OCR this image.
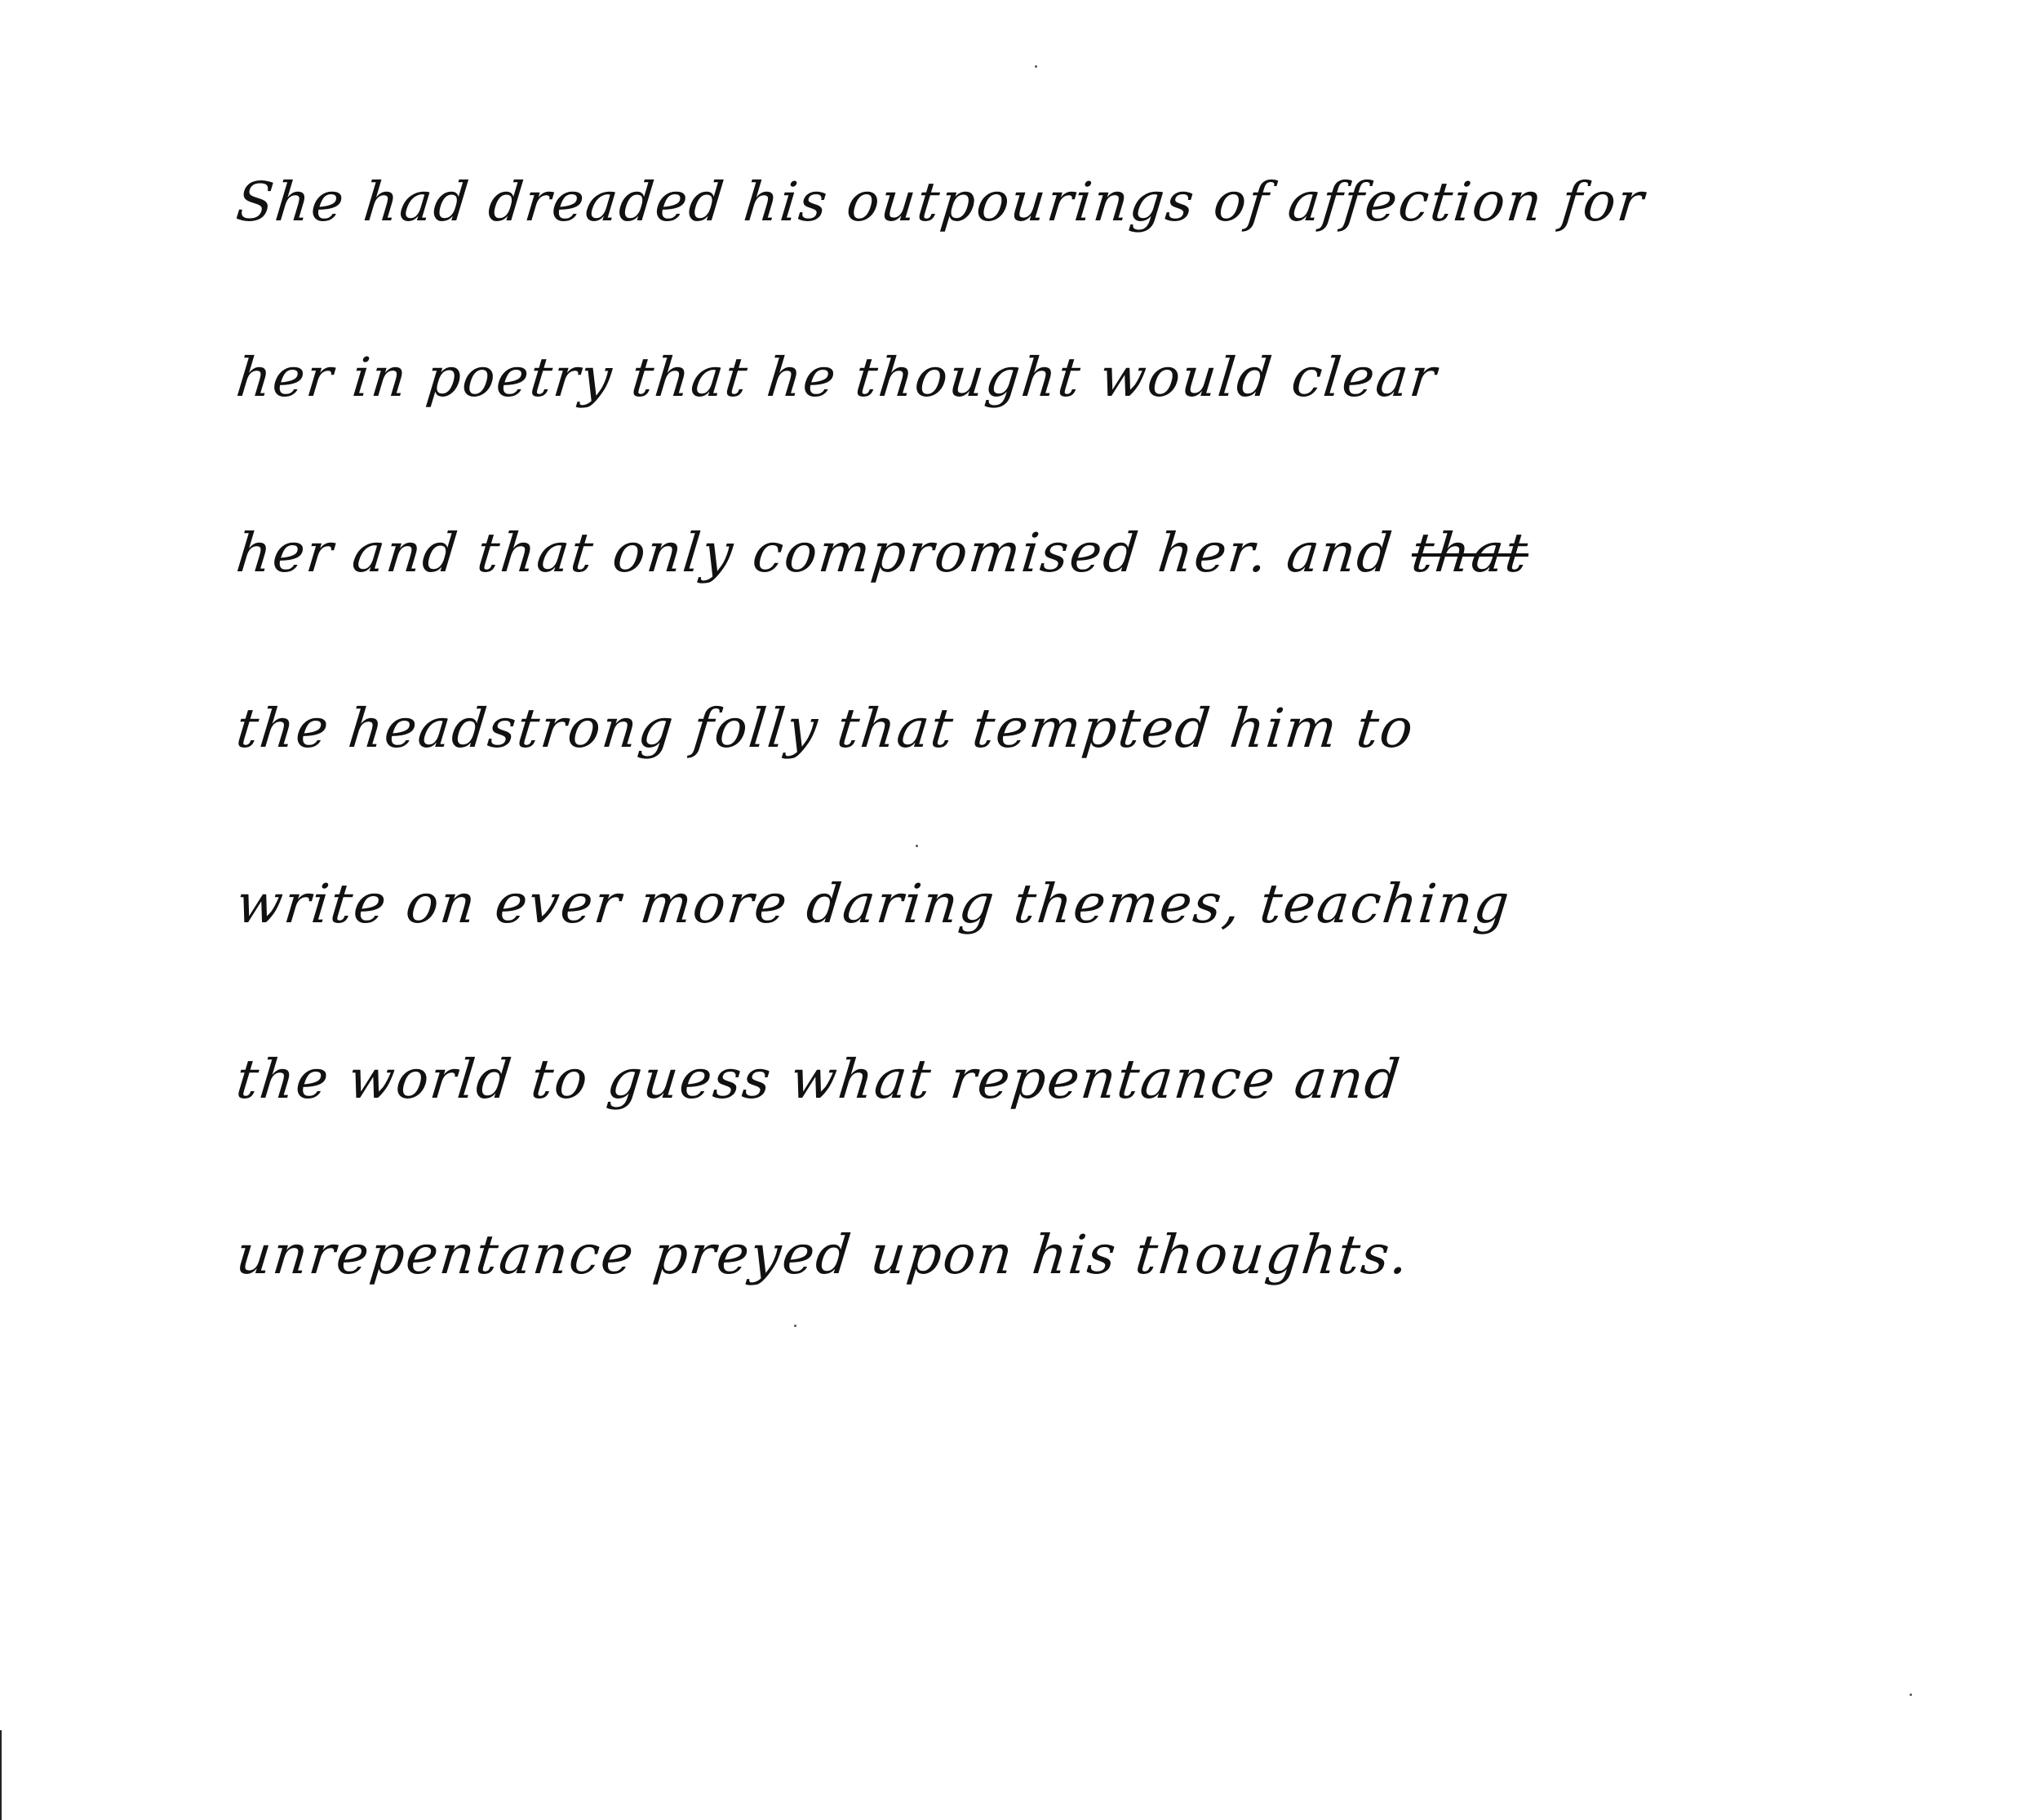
She had dreaded his outpourings of affection for
her in poetry that he thought would clear
her and that only compromised her. and that
the headstrong folly that tempted him to
write on ever more daring themes, teaching
the world to guess what repentance and
unrepentance preyed upon his thoughts.
